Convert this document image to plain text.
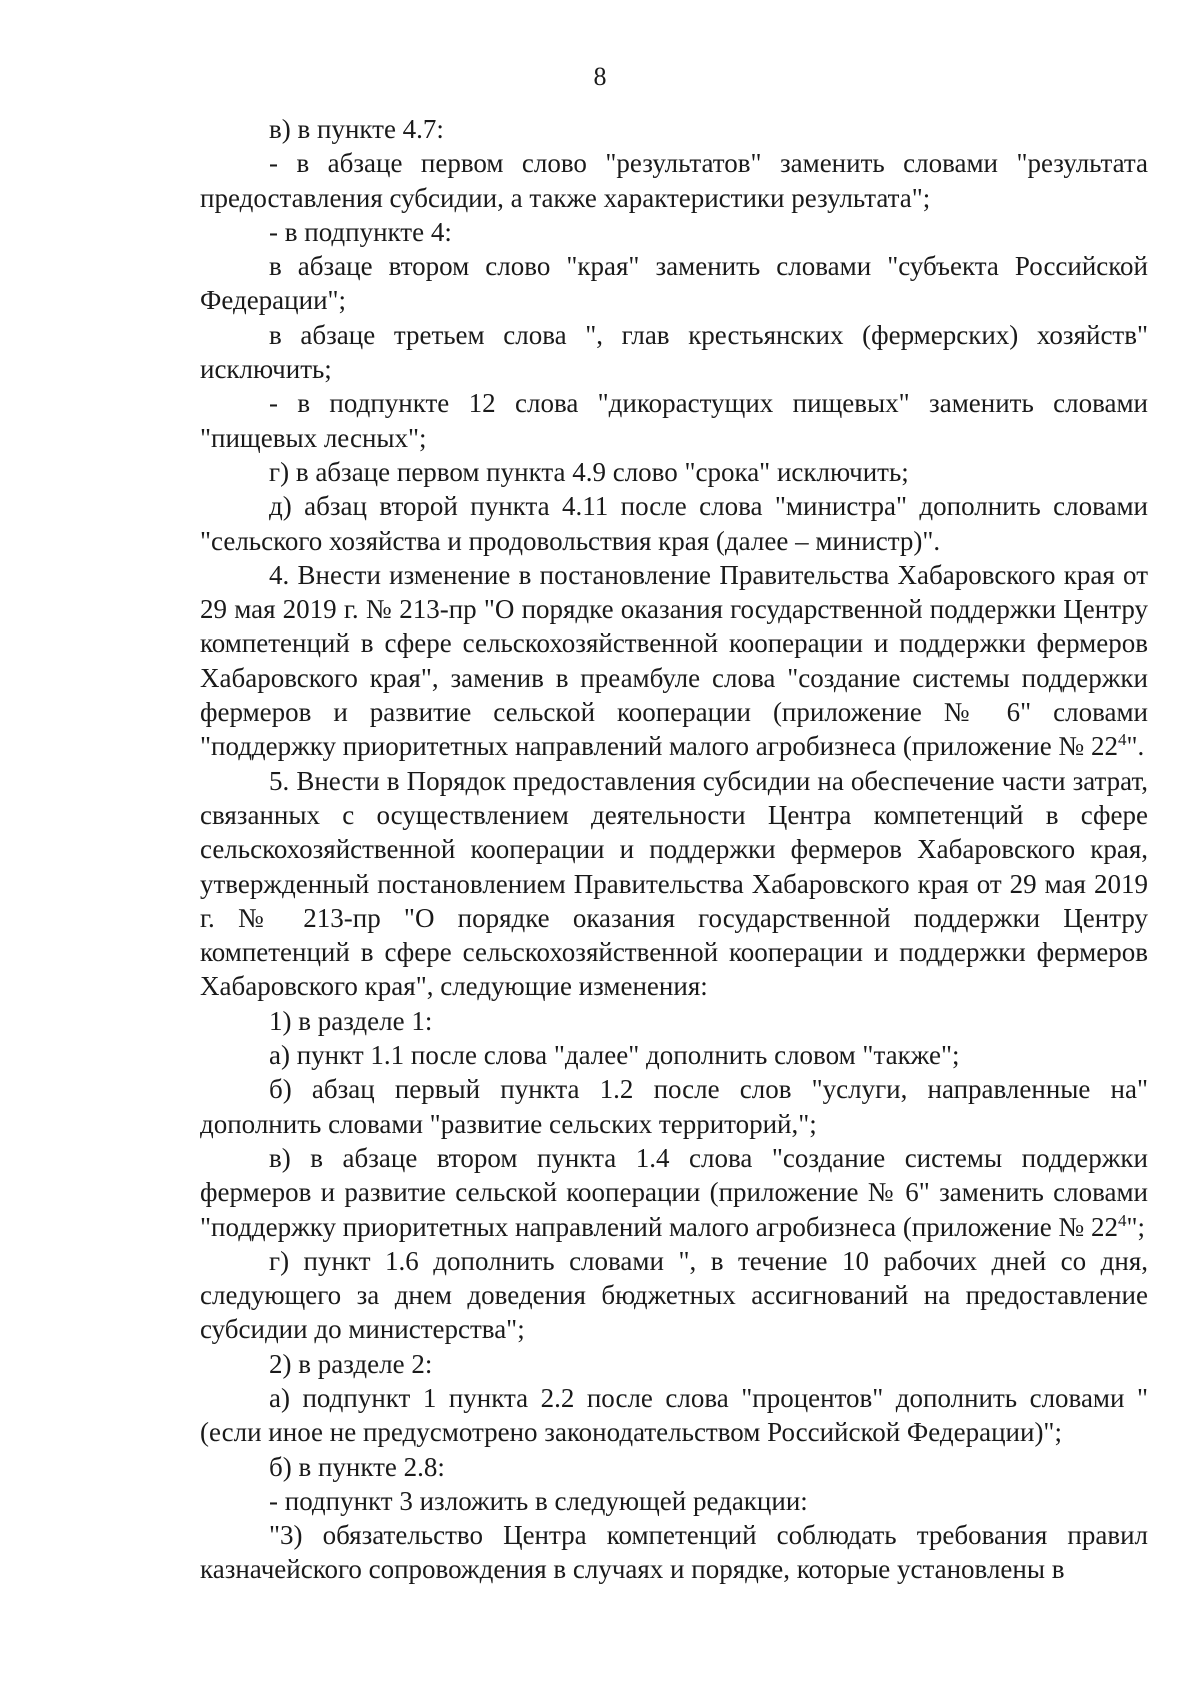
8

в) в пункте 4.7:

- в абзаце первом слово "результатов" заменить словами "результата предоставления субсидии, а также характеристики результата";

- в подпункте 4:

в абзаце втором слово "края" заменить словами "субъекта Российской Федерации";

в абзаце третьем слова ", глав крестьянских (фермерских) хозяйств" исключить;

- в подпункте 12 слова "дикорастущих пищевых" заменить словами "пищевых лесных";

г) в абзаце первом пункта 4.9 слово "срока" исключить;

д) абзац второй пункта 4.11 после слова "министра" дополнить словами "сельского хозяйства и продовольствия края (далее – министр)".

4. Внести изменение в постановление Правительства Хабаровского края от 29 мая 2019 г. № 213-пр "О порядке оказания государственной поддержки Центру компетенций в сфере сельскохозяйственной кооперации и поддержки фермеров Хабаровского края", заменив в преамбуле слова "создание системы поддержки фермеров и развитие сельской кооперации (приложение № 6" словами "поддержку приоритетных направлений малого агробизнеса (приложение № $22^4$".

5. Внести в Порядок предоставления субсидии на обеспечение части затрат, связанных с осуществлением деятельности Центра компетенций в сфере сельскохозяйственной кооперации и поддержки фермеров Хабаровского края, утвержденный постановлением Правительства Хабаровского края от 29 мая 2019 г. № 213-пр "О порядке оказания государственной поддержки Центру компетенций в сфере сельскохозяйственной кооперации и поддержки фермеров Хабаровского края", следующие изменения:

1) в разделе 1:

а) пункт 1.1 после слова "далее" дополнить словом "также";

б) абзац первый пункта 1.2 после слов "услуги, направленные на" дополнить словами "развитие сельских территорий,";

в) в абзаце втором пункта 1.4 слова "создание системы поддержки фермеров и развитие сельской кооперации (приложение № 6" заменить словами "поддержку приоритетных направлений малого агробизнеса (приложение № $22^4$";

г) пункт 1.6 дополнить словами ", в течение 10 рабочих дней со дня, следующего за днем доведения бюджетных ассигнований на предоставление субсидии до министерства";

2) в разделе 2:

а) подпункт 1 пункта 2.2 после слова "процентов" дополнить словами "(если иное не предусмотрено законодательством Российской Федерации)";

б) в пункте 2.8:

- подпункт 3 изложить в следующей редакции:

"3) обязательство Центра компетенций соблюдать требования правил казначейского сопровождения в случаях и порядке, которые установлены в
